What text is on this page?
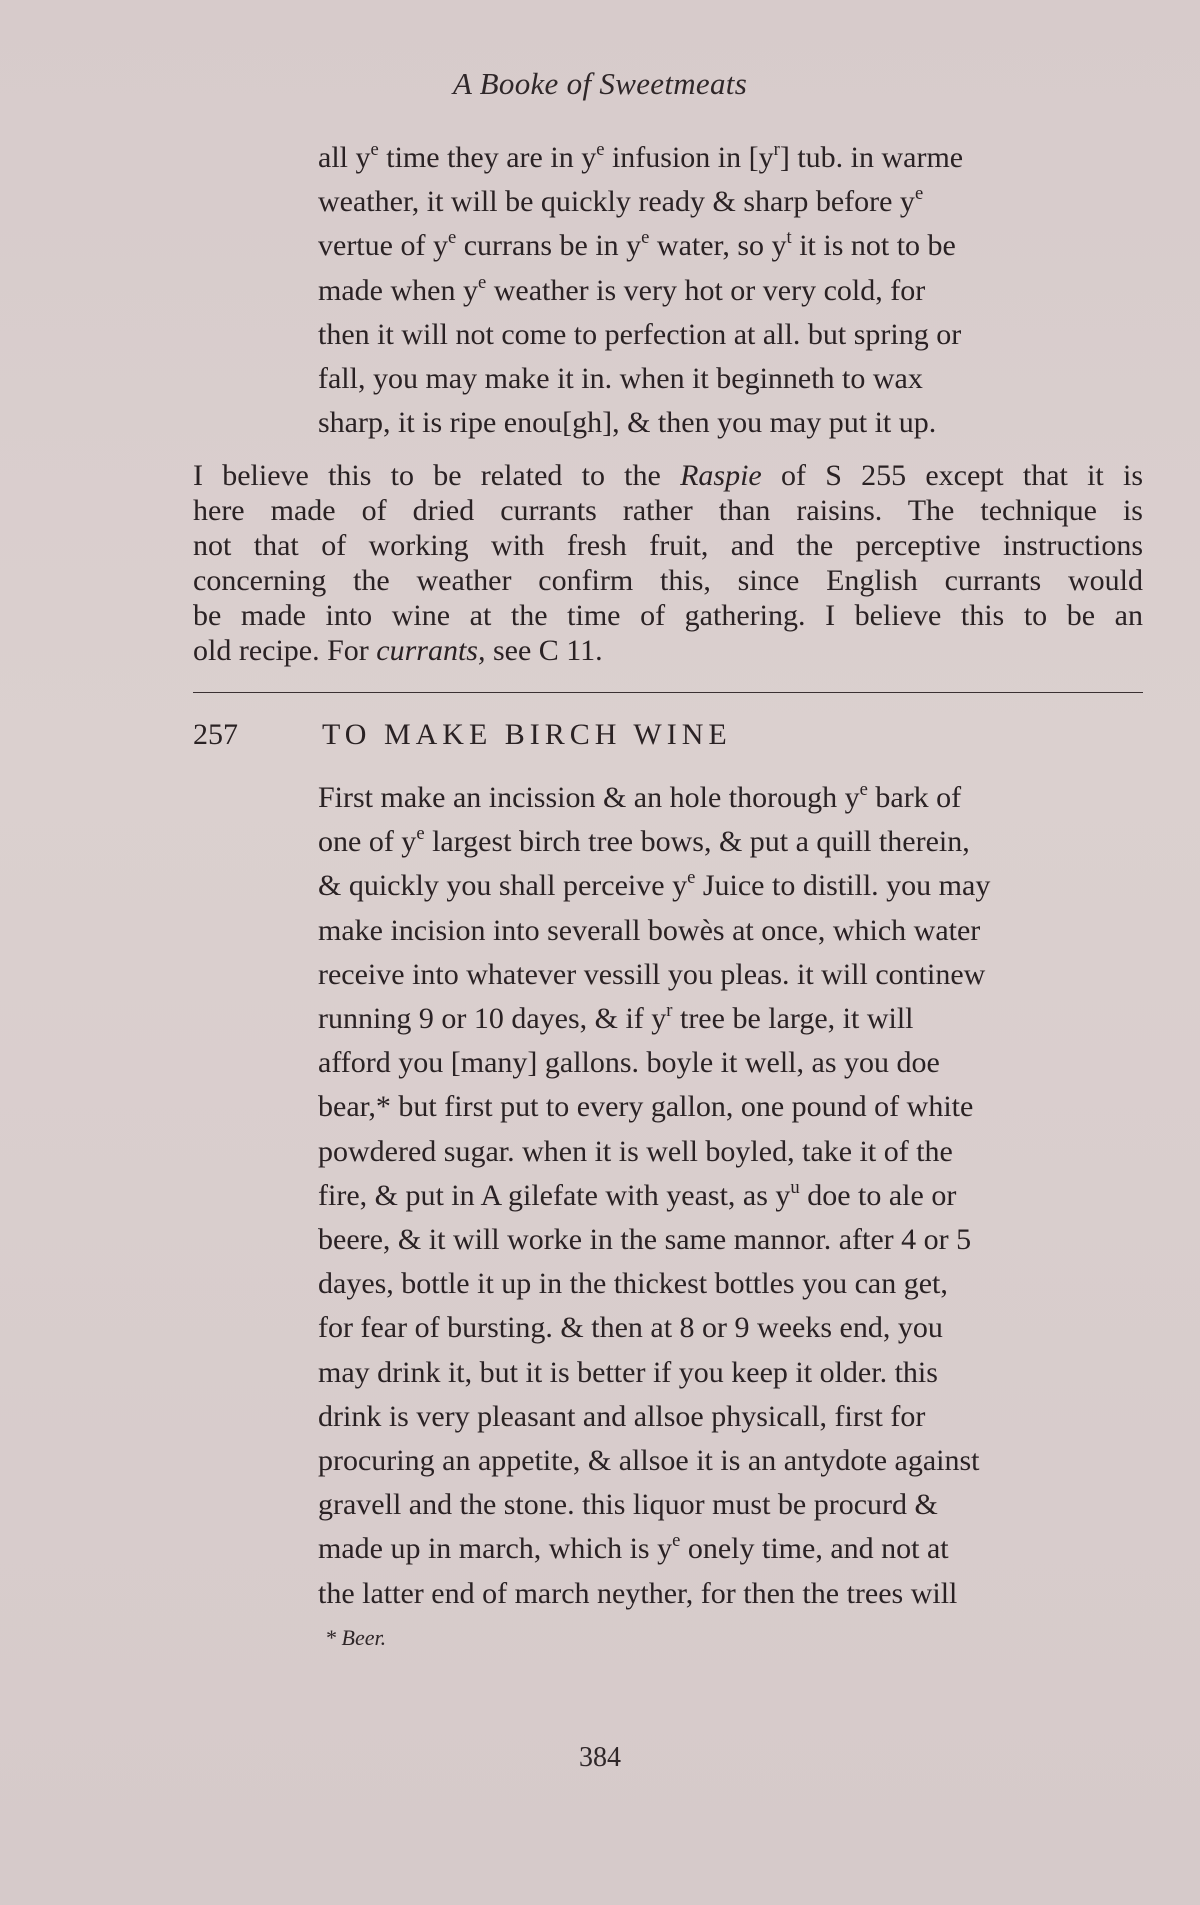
A Booke of Sweetmeats
all $y^e$ time they are in $y^e$ infusion in $[y^r]$ tub. in warme
weather, it will be quickly ready & sharp before $y^e$
vertue of $y^e$ currans be in $y^e$ water, so $y^t$ it is not to be
made when $y^e$ weather is very hot or very cold, for
then it will not come to perfection at all. but spring or
fall, you may make it in. when it beginneth to wax
sharp, it is ripe enou[gh], & then you may put it up.
I believe this to be related to the Raspie of S 255 except that it is
here made of dried currants rather than raisins. The technique is
not that of working with fresh fruit, and the perceptive instructions
concerning the weather confirm this, since English currants would
be made into wine at the time of gathering. I believe this to be an
old recipe. For currants, see C 11.
257	TO MAKE BIRCH WINE
First make an incission & an hole thorough $y^e$ bark of
one of $y^e$ largest birch tree bows, & put a quill therein,
& quickly you shall perceive $y^e$ Juice to distill. you may
make incision into severall bowès at once, which water
receive into whatever vessill you pleas. it will continew
running 9 or 10 dayes, & if $y^r$ tree be large, it will
afford you [many] gallons. boyle it well, as you doe
bear,* but first put to every gallon, one pound of white
powdered sugar. when it is well boyled, take it of the
fire, & put in A gilefate with yeast, as $y^u$ doe to ale or
beere, & it will worke in the same mannor. after 4 or 5
dayes, bottle it up in the thickest bottles you can get,
for fear of bursting. & then at 8 or 9 weeks end, you
may drink it, but it is better if you keep it older. this
drink is very pleasant and allsoe physicall, first for
procuring an appetite, & allsoe it is an antydote against
gravell and the stone. this liquor must be procurd &
made up in march, which is $y^e$ onely time, and not at
the latter end of march neyther, for then the trees will
* Beer.
384
